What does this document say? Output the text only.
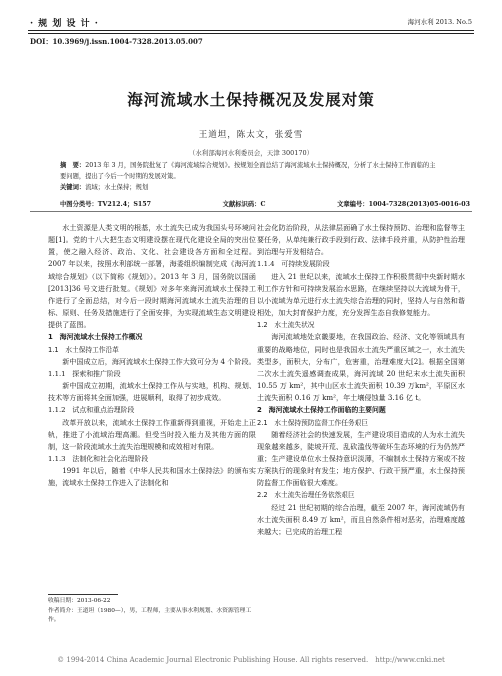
· 规 划 设 计 ·	海河水利 2013. No.5
DOI：10.3969/j.issn.1004-7328.2013.05.007
海河流域水土保持概况及发展对策
王道坦，陈太文，张爱雪
（水利部海河水利委员会，天津 300170）
摘　要：2013 年 3 月，国务院批复了《海河流域综合规划》。按规划全面总结了海河流域水土保持概况，分析了水土保持工作面临的主要问题，提出了今后一个时期的发展对策。
关键词：流域；水土保持；规划
中图分类号：TV212.4；S157	文献标识码：C	文章编号：1004-7328(2013)05-0016-03

水土资源是人类文明的根基，水土流失已成为我国头号环境问题[1]。党的十八大把生态文明建设摆在现代化建设全局的突出位置，使之融入经济、政治、文化、社会建设各方面和全过程。2007 年以来，按照水利部统一部署，海委组织编制完成《海河流域综合规划》（以下简称《规划》）。2013 年 3 月，国务院以国函[2013]36 号文进行批复。《规划》对多年来海河流域水土保持工作进行了全面总结，对今后一段时期海河流域水土流失治理的目标、原则、任务及措施进行了全面安排，为实现流域生态文明建设提供了蓝图。

1　海河流域水土保持工作概况

1.1　水土保持工作沿革

新中国成立后，海河流域水土保持工作大致可分为 4 个阶段。

1.1.1　探索和推广阶段

新中国成立初期，流域水土保持工作从与实地，机构、规划、技术等方面将其全面加强，进展顺利，取得了初步成效。

1.1.2　试点和重点治理阶段

改革开放以来，流域水土保持工作重新得到重视，开始走上正轨，推进了小流域治理高潮。但受当时投入能力及其他方面的限制，这一阶段流域水土流失治理规模和成效相对有限。

1.1.3　法制化和社会化治理阶段

1991 年以后，随着《中华人民共和国水土保持法》的颁布实施，流域水土保持工作进入了法制化和

社会化防治阶段，从法律层面确了水土保持预防、治理和监督等主要任务，从单纯兼行政手段到行政、法律手段并重，从防护性治理到治理与开发相结合。

1.1.4　可持续发展阶段

进入 21 世纪以来，流域水土保持工作积极贯彻中央新时期水利工作方针和可持续发展治水思路，在继续坚持以大流域为骨干，以小流域为单元进行水土流失综合治理的同时，坚持人与自然和谐相处，加大封育保护力度，充分发挥生态自我修复能力。

1.2　水土流失状况

海河流域地处京畿要地，在我国政治、经济、文化等领域具有重要的战略地位，同时也是我国水土流失严重区域之一，水土流失类型多，面积大，分布广，危害重，治理难度大[2]。根据全国第二次水土流失遥感调查成果，海河流域 20 世纪末水土流失面积 10.55 万 km²，其中山区水土流失面积 10.39 万km²，平原区水土流失面积 0.16 万 km²，年土壤侵蚀量 3.16 亿 t。

2　海河流域水土保持工作面临的主要问题

2.1　水土保持预防监督工作任务艰巨

随着经济社会的快速发展，生产建设项目造成的人为水土流失现象越来越多，陡坡开荒、乱砍滥伐等破坏生态环境的行为仍然严重；生产建设单位水土保持意识淡薄，不编制水土保持方案或不按方案执行的现象时有发生；地方保护、行政干预严重，水土保持预防监督工作面临很大难度。

2.2　水土流失治理任务依然艰巨

经过 21 世纪初期的综合治理，截至 2007 年，海河流域仍有水土流失面积 8.49 万 km²，而且自然条件相对恶劣，治理难度越来越大；已完成的治理工程

收稿日期：2013-06-22
作者简介：王道坦（1980—），男，工程师，主要从事水利规划、水资源管理工作。
© 1994-2014 China Academic Journal Electronic Publishing House. All rights reserved.　http://www.cnki.net
